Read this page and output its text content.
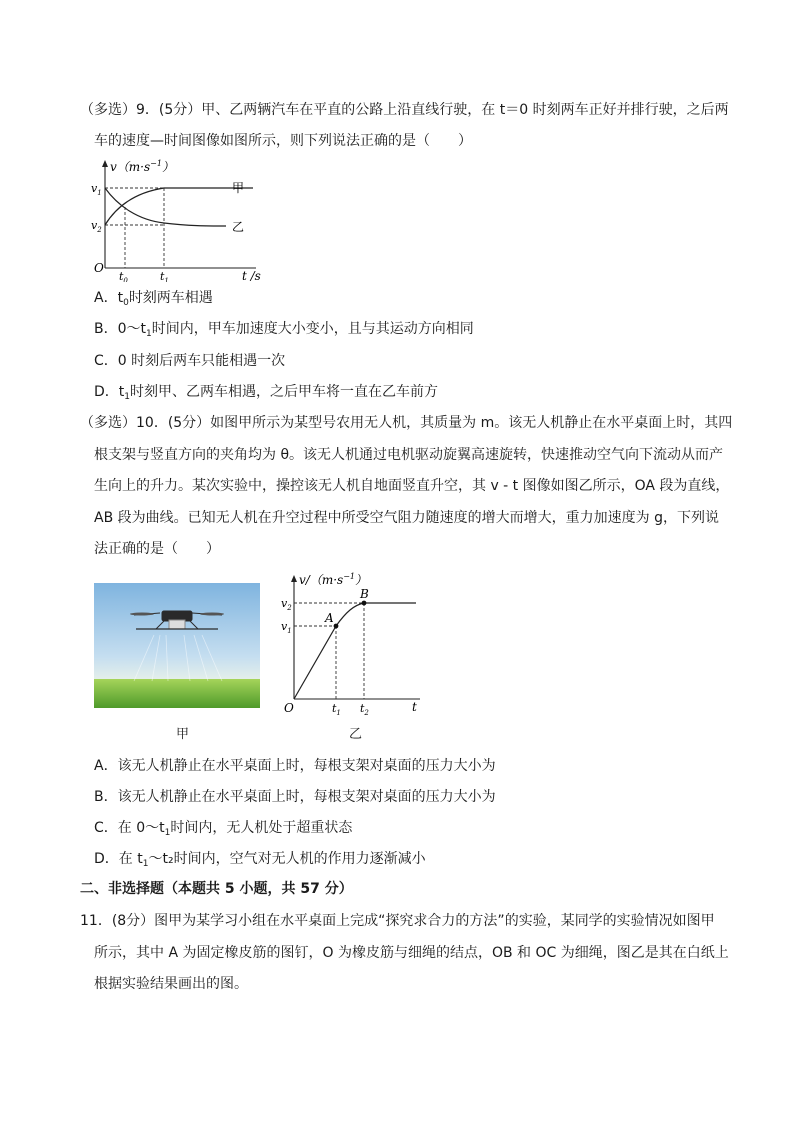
（多选）9．(5分）甲、乙两辆汽车在平直的公路上沿直线行驶，在 t＝0 时刻两车正好并排行驶，之后两
车的速度—时间图像如图所示，则下列说法正确的是（　　）
$v(m\cdot s^{-1})$
$v_1$
$v_2$
O
$t_0$	$t_1$	t /s
甲
乙
A．$t_0$时刻两车相遇
B．$0\sim t_1$时间内，甲车加速度大小变小，且与其运动方向相同
C．0 时刻后两车只能相遇一次
D．$t_1$时刻甲、乙两车相遇，之后甲车将一直在乙车前方
（多选）10．(5分）如图甲所示为某型号农用无人机，其质量为 m。该无人机静止在水平桌面上时，其四
根支架与竖直方向的夹角均为 θ。该无人机通过电机驱动旋翼高速旋转，快速推动空气向下流动从而产
生向上的升力。某次实验中，操控该无人机自地面竖直升空，其 v - t 图像如图乙所示，OA 段为直线，
AB 段为曲线。已知无人机在升空过程中所受空气阻力随速度的增大而增大，重力加速度为 g，下列说
法正确的是（　　）
$v/(m\cdot s^{-1})$
$v_2$
$v_1$
A
B
O	$t_1$ $t_2$	t
甲	乙
A．该无人机静止在水平桌面上时，每根支架对桌面的压力大小为
B．该无人机静止在水平桌面上时，每根支架对桌面的压力大小为
C．在 $0\sim t_1$时间内，无人机处于超重状态
D．在 $t_1\sim t_2$时间内，空气对无人机的作用力逐渐减小
二、非选择题（本题共 5 小题，共 57 分）
11．(8分）图甲为某学习小组在水平桌面上完成“探究求合力的方法”的实验，某同学的实验情况如图甲
所示，其中 A 为固定橡皮筋的图钉，O 为橡皮筋与细绳的结点，OB 和 OC 为细绳，图乙是其在白纸上
根据实验结果画出的图。
